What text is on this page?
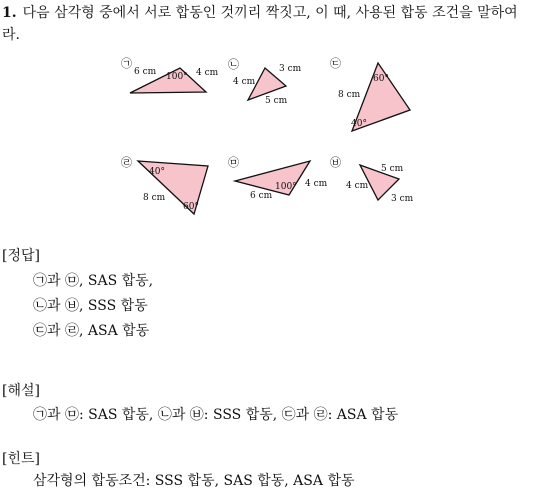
1. 다음 삼각형 중에서 서로 합동인 것끼리 짝짓고, 이 때, 사용된 합동 조건을 말하여라.
㉠
6 cm 100° 4 cm
㉡	3 cm
4 cm
5 cm
㉢
60°
8 cm
40°
㉣
40°
8 cm
60°
㉤
100° 4 cm
6 cm
㉥	5 cm
4 cm
3 cm
[정답]
㉠과 ㉤, SAS 합동,
㉡과 ㉥, SSS 합동
㉢과 ㉣, ASA 합동
[해설]
㉠과 ㉤: SAS 합동, ㉡과 ㉥: SSS 합동, ㉢과 ㉣: ASA 합동
[힌트]
삼각형의 합동조건: SSS 합동, SAS 합동, ASA 합동
